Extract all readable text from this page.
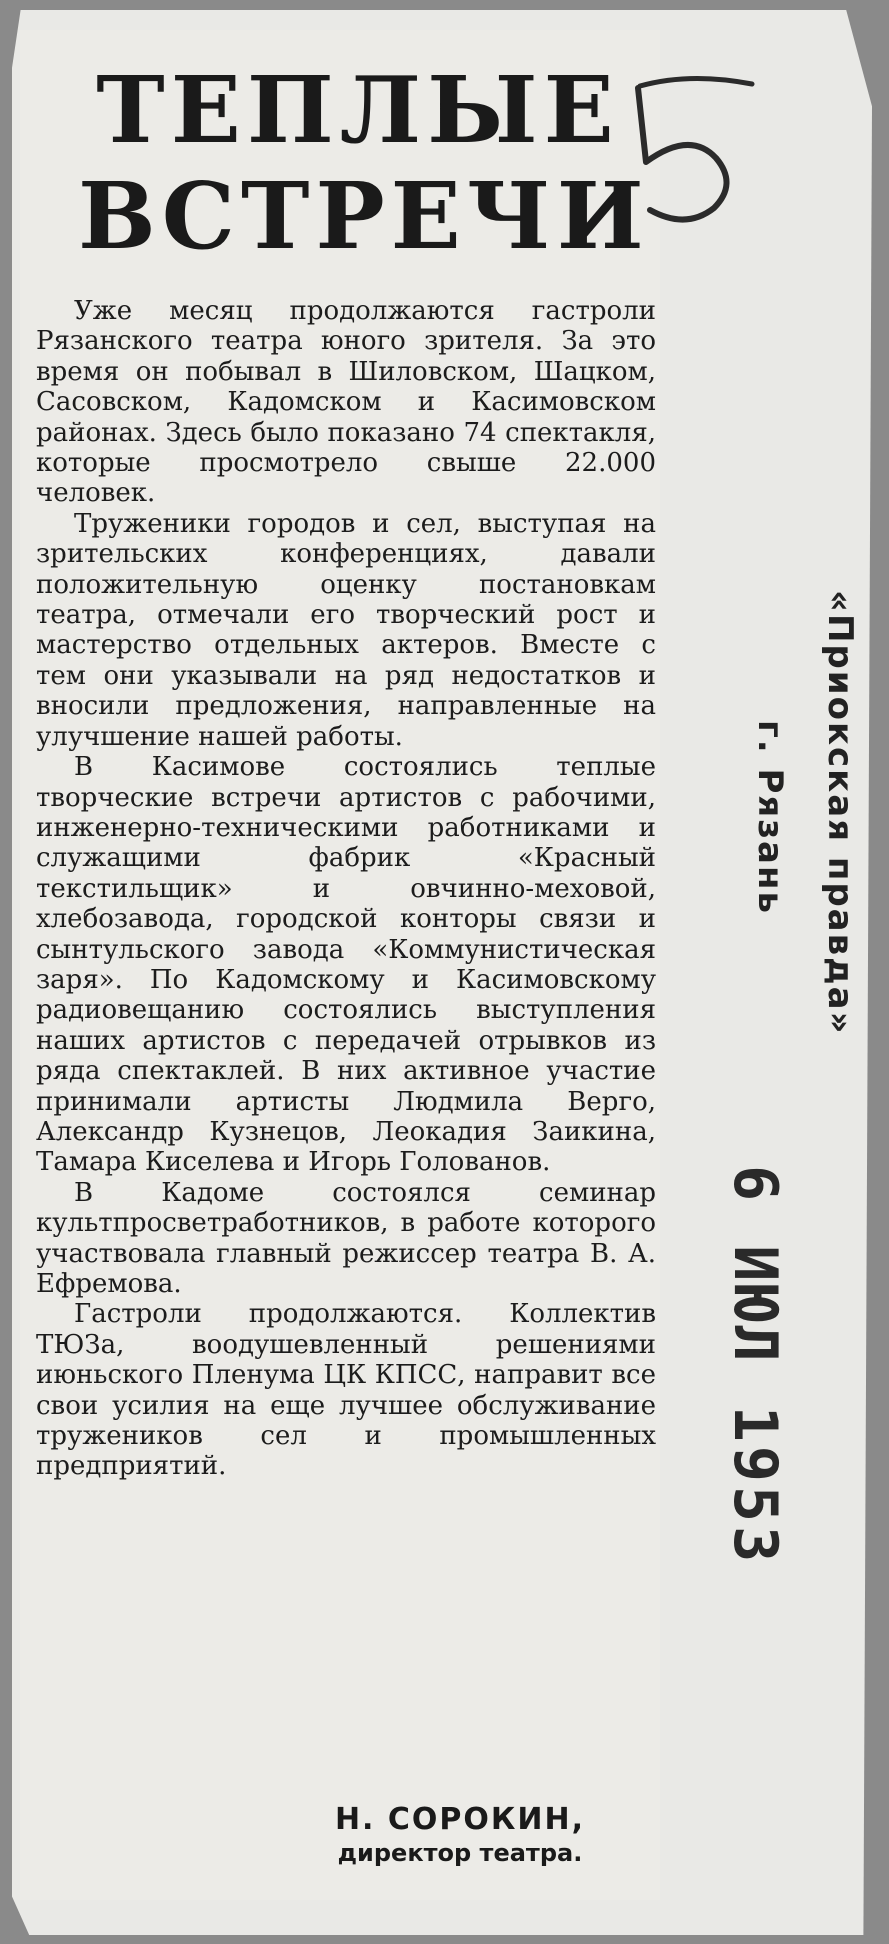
ТЕПЛЫЕ
ВСТРЕЧИ

Уже месяц продолжаются гастроли Рязанского театра юного зрителя. За это время он побывал в Шиловском, Шацком, Сасовском, Кадомском и Касимовском районах. Здесь было показано 74 спектакля, которые просмотрело свыше 22.000 человек.

Труженики городов и сел, выступая на зрительских конференциях, давали положительную оценку постановкам театра, отмечали его творческий рост и мастерство отдельных актеров. Вместе с тем они указывали на ряд недостатков и вносили предложения, направленные на улучшение нашей работы.

В Касимове состоялись теплые творческие встречи артистов с рабочими, инженерно-техническими работниками и служащими фабрик «Красный текстильщик» и овчинно-меховой, хлебозавода, городской конторы связи и сынтульского завода «Коммунистическая заря». По Кадомскому и Касимовскому радиовещанию состоялись выступления наших артистов с передачей отрывков из ряда спектаклей. В них активное участие принимали артисты Людмила Верго, Александр Кузнецов, Леокадия Заикина, Тамара Киселева и Игорь Голованов.

В Кадоме состоялся семинар культпросветработников, в работе которого участвовала главный режиссер театра В. А. Ефремова.

Гастроли продолжаются. Коллектив ТЮЗа, воодушевленный решениями июньского Пленума ЦК КПСС, направит все свои усилия на еще лучшее обслуживание тружеников сел и промышленных предприятий.

Н. СОРОКИН,
директор театра.
«Приокская правда»
г. Рязань
6 ИЮЛ 1953
